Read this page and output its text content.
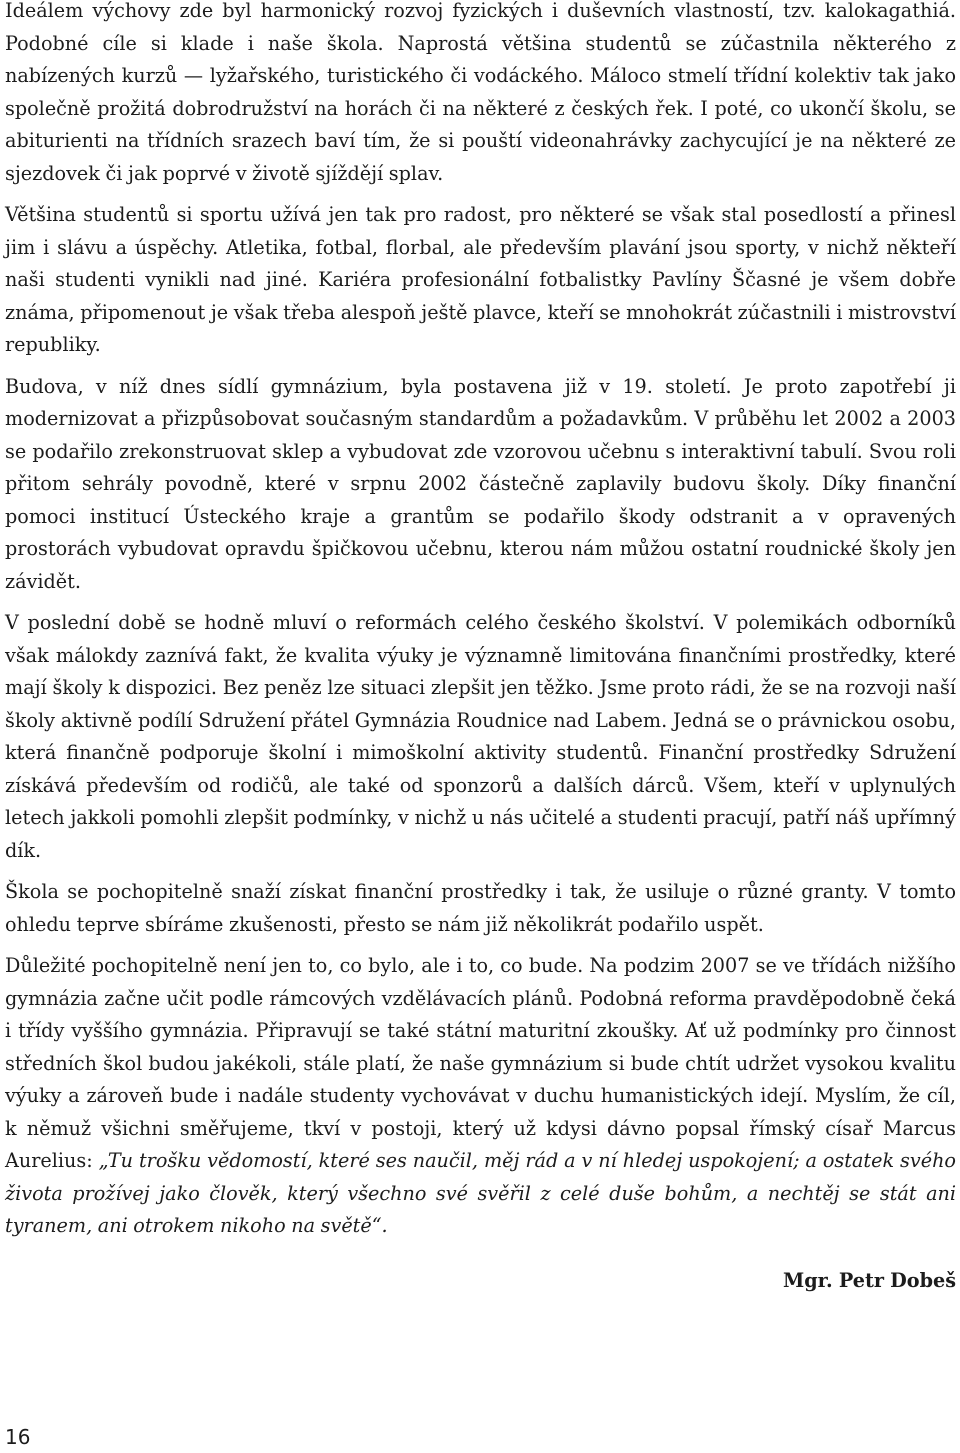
Ideálem výchovy zde byl harmonický rozvoj fyzických i duševních vlastností, tzv. kalokagathiá. Podobné cíle si klade i naše škola. Naprostá většina studentů se zúčastnila některého z nabízených kurzů — lyžařského, turistického či vodáckého. Máloco stmelí třídní kolektiv tak jako společně prožitá dobrodružství na horách či na některé z českých řek. I poté, co ukončí školu, se abiturienti na třídních srazech baví tím, že si pouští videonahrávky zachycující je na některé ze sjezdovek či jak poprvé v životě sjíždějí splav.

Většina studentů si sportu užívá jen tak pro radost, pro některé se však stal posedlostí a přinesl jim i slávu a úspěchy. Atletika, fotbal, florbal, ale především plavání jsou sporty, v nichž někteří naši studenti vynikli nad jiné. Kariéra profesionální fotbalistky Pavlíny Ščasné je všem dobře známa, připomenout je však třeba alespoň ještě plavce, kteří se mnohokrát zúčastnili i mistrovství republiky.

Budova, v níž dnes sídlí gymnázium, byla postavena již v 19. století. Je proto zapotřebí ji modernizovat a přizpůsobovat současným standardům a požadavkům. V průběhu let 2002 a 2003 se podařilo zrekonstruovat sklep a vybudovat zde vzorovou učebnu s interaktivní tabulí. Svou roli přitom sehrály povodně, které v srpnu 2002 částečně zaplavily budovu školy. Díky finanční pomoci institucí Ústeckého kraje a grantům se podařilo škody odstranit a v opravených prostorách vybudovat opravdu špičkovou učebnu, kterou nám můžou ostatní roudnické školy jen závidět.

V poslední době se hodně mluví o reformách celého českého školství. V polemikách odborníků však málokdy zaznívá fakt, že kvalita výuky je významně limitována finančními prostředky, které mají školy k dispozici. Bez peněz lze situaci zlepšit jen těžko. Jsme proto rádi, že se na rozvoji naší školy aktivně podílí Sdružení přátel Gymnázia Roudnice nad Labem. Jedná se o právnickou osobu, která finančně podporuje školní i mimoškolní aktivity studentů. Finanční prostředky Sdružení získává především od rodičů, ale také od sponzorů a dalších dárců. Všem, kteří v uplynulých letech jakkoli pomohli zlepšit podmínky, v nichž u nás učitelé a studenti pracují, patří náš upřímný dík.

Škola se pochopitelně snaží získat finanční prostředky i tak, že usiluje o různé granty. V tomto ohledu teprve sbíráme zkušenosti, přesto se nám již několikrát podařilo uspět.

Důležité pochopitelně není jen to, co bylo, ale i to, co bude. Na podzim 2007 se ve třídách nižšího gymnázia začne učit podle rámcových vzdělávacích plánů. Podobná reforma pravděpodobně čeká i třídy vyššího gymnázia. Připravují se také státní maturitní zkoušky. Ať už podmínky pro činnost středních škol budou jakékoli, stále platí, že naše gymnázium si bude chtít udržet vysokou kvalitu výuky a zároveň bude i nadále studenty vychovávat v duchu humanistických idejí. Myslím, že cíl, k němuž všichni směřujeme, tkví v postoji, který už kdysi dávno popsal římský císař Marcus Aurelius: „Tu trošku vědomostí, které ses naučil, měj rád a v ní hledej uspokojení; a ostatek svého života prožívej jako člověk, který všechno své svěřil z celé duše bohům, a nechtěj se stát ani tyranem, ani otrokem nikoho na světě“.

Mgr. Petr Dobeš
16
